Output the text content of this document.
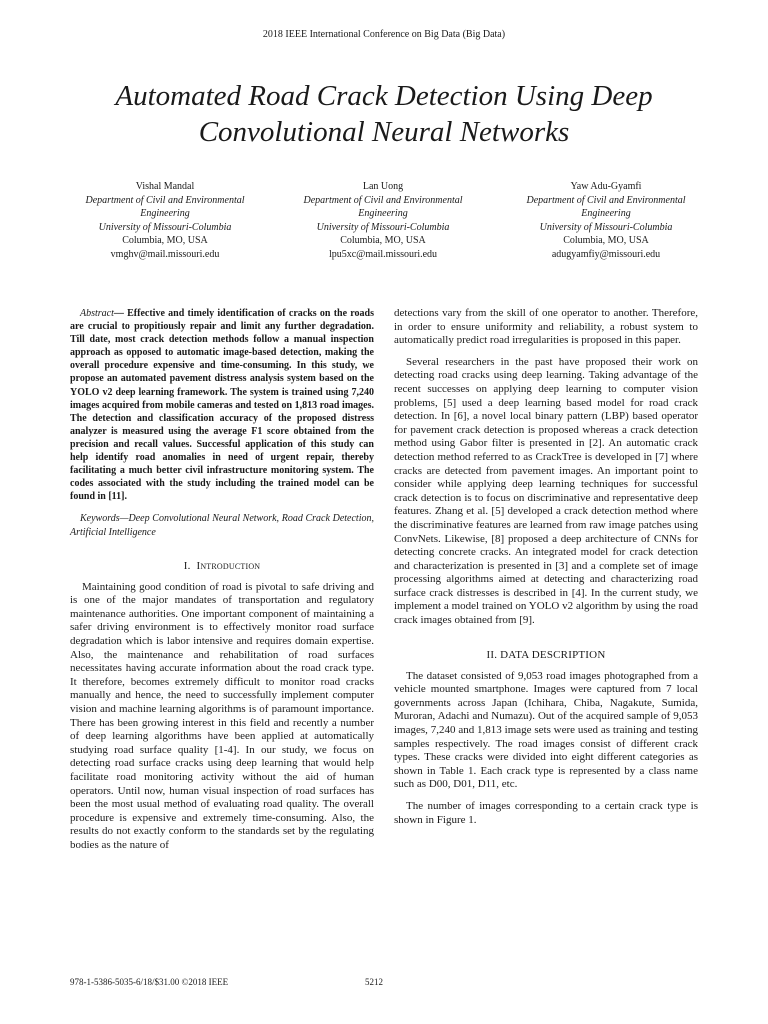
2018 IEEE International Conference on Big Data (Big Data)
Automated Road Crack Detection Using Deep Convolutional Neural Networks
Vishal Mandal
Department of Civil and Environmental Engineering
University of Missouri-Columbia
Columbia, MO, USA
vmghv@mail.missouri.edu
Lan Uong
Department of Civil and Environmental Engineering
University of Missouri-Columbia
Columbia, MO, USA
lpu5xc@mail.missouri.edu
Yaw Adu-Gyamfi
Department of Civil and Environmental Engineering
University of Missouri-Columbia
Columbia, MO, USA
adugyamfiy@missouri.edu

Abstract— Effective and timely identification of cracks on the roads are crucial to propitiously repair and limit any further degradation. Till date, most crack detection methods follow a manual inspection approach as opposed to automatic image-based detection, making the overall procedure expensive and time-consuming. In this study, we propose an automated pavement distress analysis system based on the YOLO v2 deep learning framework. The system is trained using 7,240 images acquired from mobile cameras and tested on 1,813 road images. The detection and classification accuracy of the proposed distress analyzer is measured using the average F1 score obtained from the precision and recall values. Successful application of this study can help identify road anomalies in need of urgent repair, thereby facilitating a much better civil infrastructure monitoring system. The codes associated with the study including the trained model can be found in [11].

Keywords—Deep Convolutional Neural Network, Road Crack Detection, Artificial Intelligence

I. Introduction

Maintaining good condition of road is pivotal to safe driving and is one of the major mandates of transportation and regulatory maintenance authorities. One important component of maintaining a safer driving environment is to effectively monitor road surface degradation which is labor intensive and requires domain expertise. Also, the maintenance and rehabilitation of road surfaces necessitates having accurate information about the road crack type. It therefore, becomes extremely difficult to monitor road cracks manually and hence, the need to successfully implement computer vision and machine learning algorithms is of paramount importance. There has been growing interest in this field and recently a number of deep learning algorithms have been applied at automatically studying road surface quality [1-4]. In our study, we focus on detecting road surface cracks using deep learning that would help facilitate road monitoring activity without the aid of human operators. Until now, human visual inspection of road surfaces has been the most usual method of evaluating road quality. The overall procedure is expensive and extremely time-consuming. Also, the results do not exactly conform to the standards set by the regulating bodies as the nature of

detections vary from the skill of one operator to another. Therefore, in order to ensure uniformity and reliability, a robust system to automatically predict road irregularities is proposed in this paper.

Several researchers in the past have proposed their work on detecting road cracks using deep learning. Taking advantage of the recent successes on applying deep learning to computer vision problems, [5] used a deep learning based model for road crack detection. In [6], a novel local binary pattern (LBP) based operator for pavement crack detection is proposed whereas a crack detection method using Gabor filter is presented in [2]. An automatic crack detection method referred to as CrackTree is developed in [7] where cracks are detected from pavement images. An important point to consider while applying deep learning techniques for successful crack detection is to focus on discriminative and representative deep features. Zhang et al. [5] developed a crack detection method where the discriminative features are learned from raw image patches using ConvNets. Likewise, [8] proposed a deep architecture of CNNs for detecting concrete cracks. An integrated model for crack detection and characterization is presented in [3] and a complete set of image processing algorithms aimed at detecting and characterizing road surface crack distresses is described in [4]. In the current study, we implement a model trained on YOLO v2 algorithm by using the road crack images obtained from [9].

II. DATA DESCRIPTION

The dataset consisted of 9,053 road images photographed from a vehicle mounted smartphone. Images were captured from 7 local governments across Japan (Ichihara, Chiba, Nagakute, Sumida, Muroran, Adachi and Numazu). Out of the acquired sample of 9,053 images, 7,240 and 1,813 image sets were used as training and testing samples respectively. The road images consist of different crack types. These cracks were divided into eight different categories as shown in Table 1. Each crack type is represented by a class name such as D00, D01, D11, etc.

The number of images corresponding to a certain crack type is shown in Figure 1.

978-1-5386-5035-6/18/$31.00 ©2018 IEEE	5212
